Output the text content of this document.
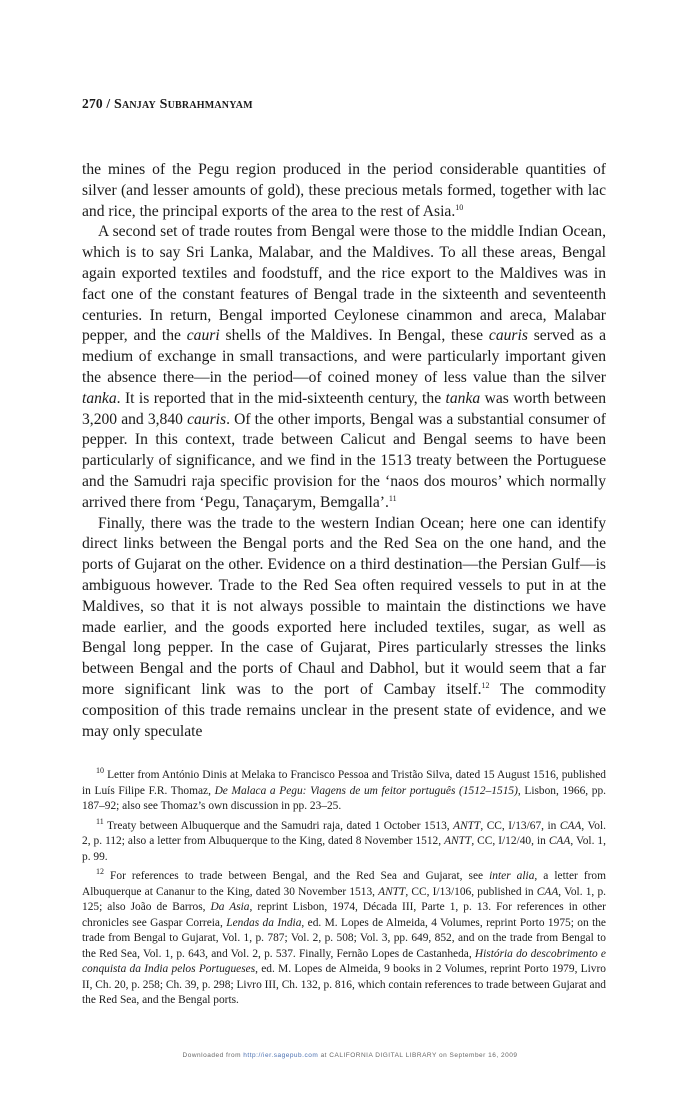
270 / Sanjay Subrahmanyam

the mines of the Pegu region produced in the period considerable quantities of silver (and lesser amounts of gold), these precious metals formed, together with lac and rice, the principal exports of the area to the rest of Asia.$^{10}$

A second set of trade routes from Bengal were those to the middle Indian Ocean, which is to say Sri Lanka, Malabar, and the Maldives. To all these areas, Bengal again exported textiles and foodstuff, and the rice export to the Maldives was in fact one of the constant features of Bengal trade in the sixteenth and seventeenth centuries. In return, Bengal imported Ceylonese cinammon and areca, Malabar pepper, and the cauri shells of the Maldives. In Bengal, these cauris served as a medium of exchange in small transactions, and were particularly important given the absence there—in the period—of coined money of less value than the silver tanka. It is reported that in the mid-sixteenth century, the tanka was worth between 3,200 and 3,840 cauris. Of the other imports, Bengal was a substantial consumer of pepper. In this context, trade between Calicut and Bengal seems to have been particularly of significance, and we find in the 1513 treaty between the Portuguese and the Samudri raja specific provision for the ‘naos dos mouros’ which normally arrived there from ‘Pegu, Tanaçarym, Bemgalla’.$^{11}$

Finally, there was the trade to the western Indian Ocean; here one can identify direct links between the Bengal ports and the Red Sea on the one hand, and the ports of Gujarat on the other. Evidence on a third destination—the Persian Gulf—is ambiguous however. Trade to the Red Sea often required vessels to put in at the Maldives, so that it is not always possible to maintain the distinctions we have made earlier, and the goods exported here included textiles, sugar, as well as Bengal long pepper. In the case of Gujarat, Pires particularly stresses the links between Bengal and the ports of Chaul and Dabhol, but it would seem that a far more significant link was to the port of Cambay itself.$^{12}$ The commodity composition of this trade remains unclear in the present state of evidence, and we may only speculate

$^{10}$ Letter from António Dinis at Melaka to Francisco Pessoa and Tristão Silva, dated 15 August 1516, published in Luís Filipe F.R. Thomaz, De Malaca a Pegu: Viagens de um feitor português (1512–1515), Lisbon, 1966, pp. 187–92; also see Thomaz’s own discussion in pp. 23–25.

$^{11}$ Treaty between Albuquerque and the Samudri raja, dated 1 October 1513, ANTT, CC, I/13/67, in CAA, Vol. 2, p. 112; also a letter from Albuquerque to the King, dated 8 November 1512, ANTT, CC, I/12/40, in CAA, Vol. 1, p. 99.

$^{12}$ For references to trade between Bengal, and the Red Sea and Gujarat, see inter alia, a letter from Albuquerque at Cananur to the King, dated 30 November 1513, ANTT, CC, I/13/106, published in CAA, Vol. 1, p. 125; also João de Barros, Da Asia, reprint Lisbon, 1974, Década III, Parte 1, p. 13. For references in other chronicles see Gaspar Correia, Lendas da India, ed. M. Lopes de Almeida, 4 Volumes, reprint Porto 1975; on the trade from Bengal to Gujarat, Vol. 1, p. 787; Vol. 2, p. 508; Vol. 3, pp. 649, 852, and on the trade from Bengal to the Red Sea, Vol. 1, p. 643, and Vol. 2, p. 537. Finally, Fernão Lopes de Castanheda, História do descobrimento e conquista da India pelos Portugueses, ed. M. Lopes de Almeida, 9 books in 2 Volumes, reprint Porto 1979, Livro II, Ch. 20, p. 258; Ch. 39, p. 298; Livro III, Ch. 132, p. 816, which contain references to trade between Gujarat and the Red Sea, and the Bengal ports.

Downloaded from http://ier.sagepub.com at CALIFORNIA DIGITAL LIBRARY on September 16, 2009
